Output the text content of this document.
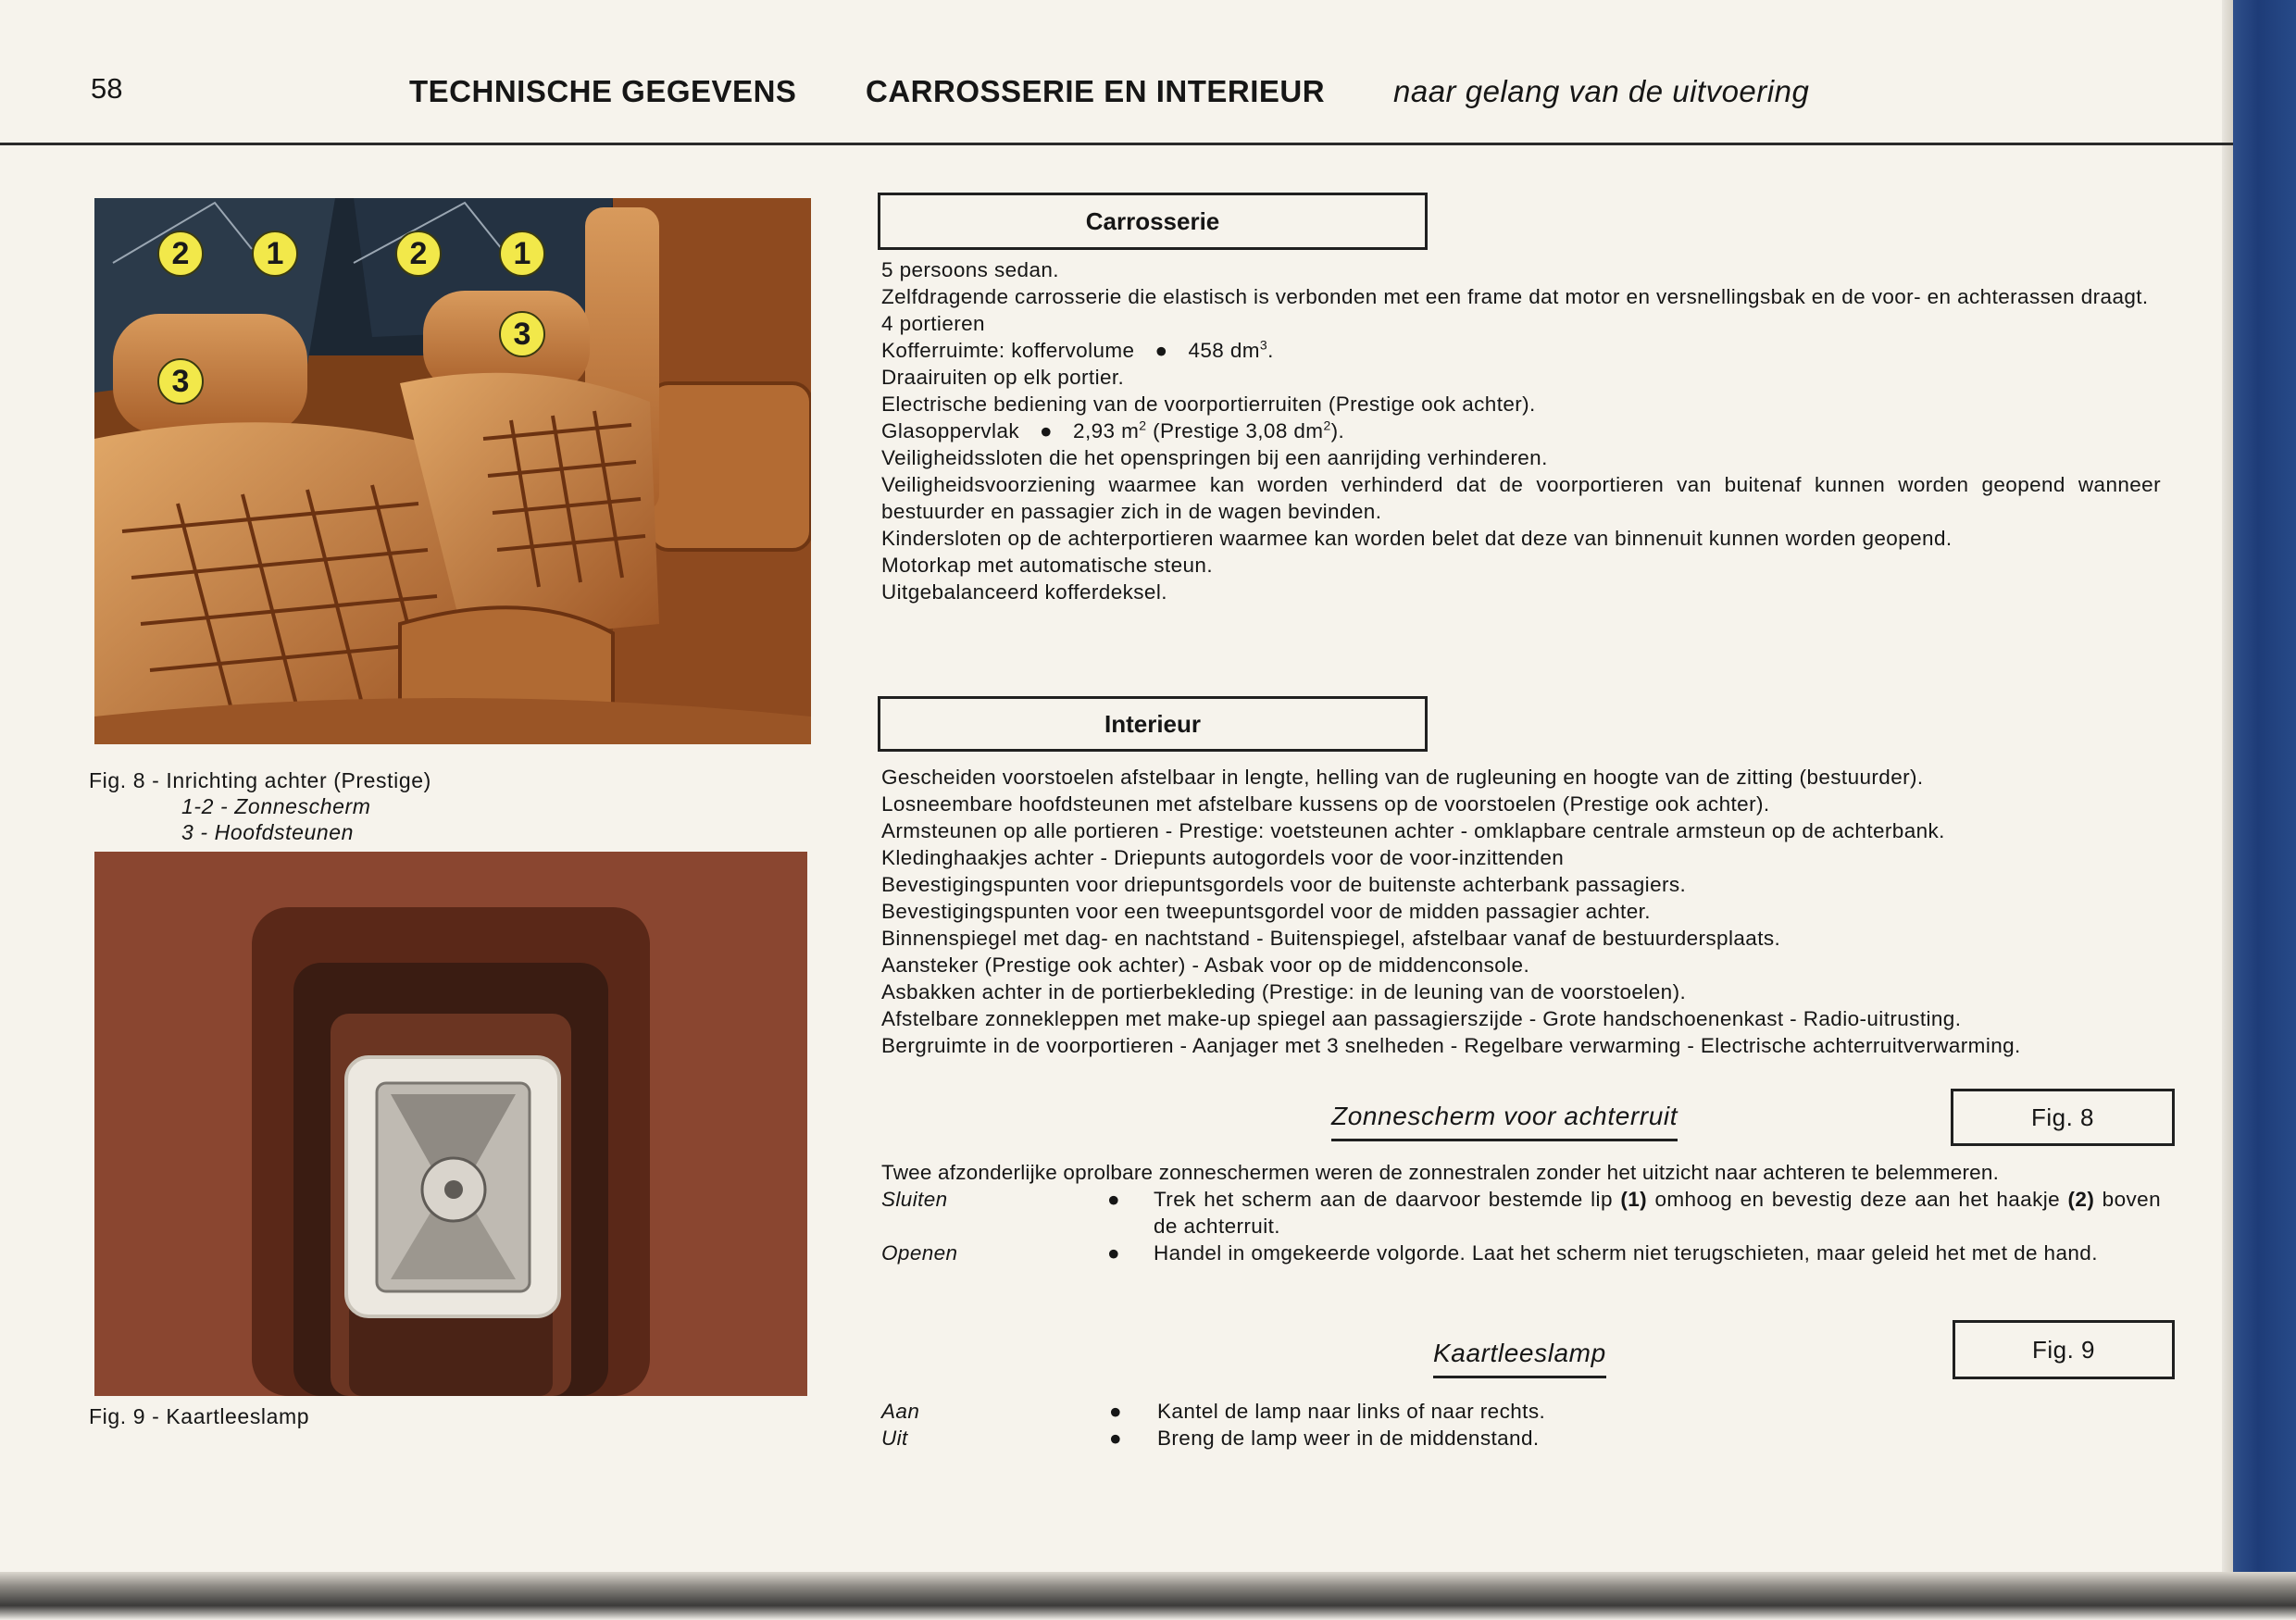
58	TECHNISCHE GEGEVENS CARROSSERIE EN INTERIEUR naar gelang van de uitvoering
2	1	2	1
3
3
Fig. 8 - Inrichting achter (Prestige)
1-2 - Zonnescherm
3 - Hoofdsteunen
Fig. 9 - Kaartleeslamp
Carrosserie

5 persoons sedan.

Zelfdragende carrosserie die elastisch is verbonden met een frame dat motor en versnellingsbak en de voor- en achterassen draagt.

4 portieren

Kofferruimte: koffervolume ● 458 $dm^3$.

Draairuiten op elk portier.

Electrische bediening van de voorportierruiten (Prestige ook achter).

Glasoppervlak ● 2,93 $m^2$ (Prestige 3,08 $dm^2$).

Veiligheidssloten die het openspringen bij een aanrijding verhinderen.

Veiligheidsvoorziening waarmee kan worden verhinderd dat de voorportieren van buitenaf kunnen worden geopend wanneer bestuurder en passagier zich in de wagen bevinden.

Kindersloten op de achterportieren waarmee kan worden belet dat deze van binnenuit kunnen worden geopend.

Motorkap met automatische steun.

Uitgebalanceerd kofferdeksel.

Interieur

Gescheiden voorstoelen afstelbaar in lengte, helling van de rugleuning en hoogte van de zitting (bestuurder).

Losneembare hoofdsteunen met afstelbare kussens op de voorstoelen (Prestige ook achter).

Armsteunen op alle portieren - Prestige: voetsteunen achter - omklapbare centrale armsteun op de achterbank.

Kledinghaakjes achter - Driepunts autogordels voor de voor-inzittenden

Bevestigingspunten voor driepuntsgordels voor de buitenste achterbank passagiers.

Bevestigingspunten voor een tweepuntsgordel voor de midden passagier achter.

Binnenspiegel met dag- en nachtstand - Buitenspiegel, afstelbaar vanaf de bestuurdersplaats.

Aansteker (Prestige ook achter) - Asbak voor op de middenconsole.

Asbakken achter in de portierbekleding (Prestige: in de leuning van de voorstoelen).

Afstelbare zonnekleppen met make-up spiegel aan passagierszijde - Grote handschoenenkast - Radio-uitrusting.

Bergruimte in de voorportieren - Aanjager met 3 snelheden - Regelbare verwarming - Electrische achterruitverwarming.

Zonnescherm voor achterruit	Fig. 8
Twee afzonderlijke oprolbare zonneschermen weren de zonnestralen zonder het uitzicht naar achteren te belemmeren.
Sluiten	● Trek het scherm aan de daarvoor bestemde lip (1) omhoog en bevestig deze aan het haakje (2) boven de achterruit.
Openen	● Handel in omgekeerde volgorde. Laat het scherm niet terugschieten, maar geleid het met de hand.
Kaartleeslamp	Fig. 9
Aan	● Kantel de lamp naar links of naar rechts.
Uit	● Breng de lamp weer in de middenstand.
